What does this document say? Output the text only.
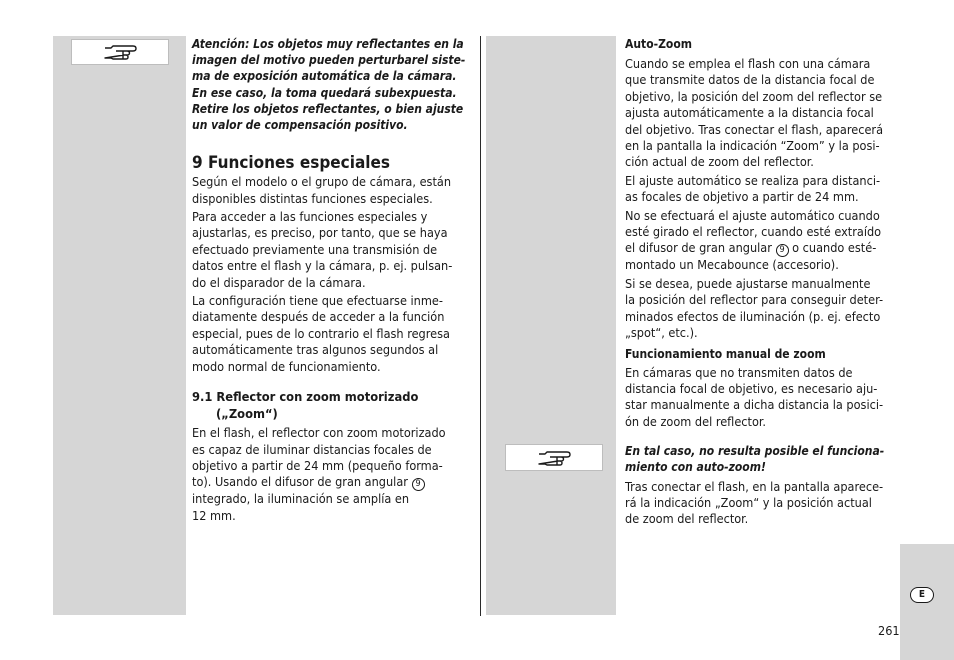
Atención: Los objetos muy reflectantes en la
imagen del motivo pueden perturbarel siste-
ma de exposición automática de la cámara.
En ese caso, la toma quedará subexpuesta.
Retire los objetos reflectantes, o bien ajuste
un valor de compensación positivo.

9 Funciones especiales

Según el modelo o el grupo de cámara, están
disponibles distintas funciones especiales.

Para acceder a las funciones especiales y
ajustarlas, es preciso, por tanto, que se haya
efectuado previamente una transmisión de
datos entre el flash y la cámara, p. ej. pulsan-
do el disparador de la cámara.

La configuración tiene que efectuarse inme-
diatamente después de acceder a la función
especial, pues de lo contrario el flash regresa
automáticamente tras algunos segundos al
modo normal de funcionamiento.

9.1 Reflector con zoom motorizado
(„Zoom“)

En el flash, el reflector con zoom motorizado
es capaz de iluminar distancias focales de
objetivo a partir de 24 mm (pequeño forma-
to). Usando el difusor de gran angular 9
integrado, la iluminación se amplía en
12 mm.

Auto-Zoom

Cuando se emplea el flash con una cámara
que transmite datos de la distancia focal de
objetivo, la posición del zoom del reflector se
ajusta automáticamente a la distancia focal
del objetivo. Tras conectar el flash, aparecerá
en la pantalla la indicación “Zoom” y la posi-
ción actual de zoom del reflector.

El ajuste automático se realiza para distanci-
as focales de objetivo a partir de 24 mm.

No se efectuará el ajuste automático cuando
esté girado el reflector, cuando esté extraído
el difusor de gran angular 9 o cuando esté-
montado un Mecabounce (accesorio).

Si se desea, puede ajustarse manualmente
la posición del reflector para conseguir deter-
minados efectos de iluminación (p. ej. efecto
„spot“, etc.).

Funcionamiento manual de zoom

En cámaras que no transmiten datos de
distancia focal de objetivo, es necesario aju-
star manualmente a dicha distancia la posici-
ón de zoom del reflector.

En tal caso, no resulta posible el funciona-
miento con auto-zoom!

Tras conectar el flash, en la pantalla aparece-
rá la indicación „Zoom“ y la posición actual
de zoom del reflector.

E
261
